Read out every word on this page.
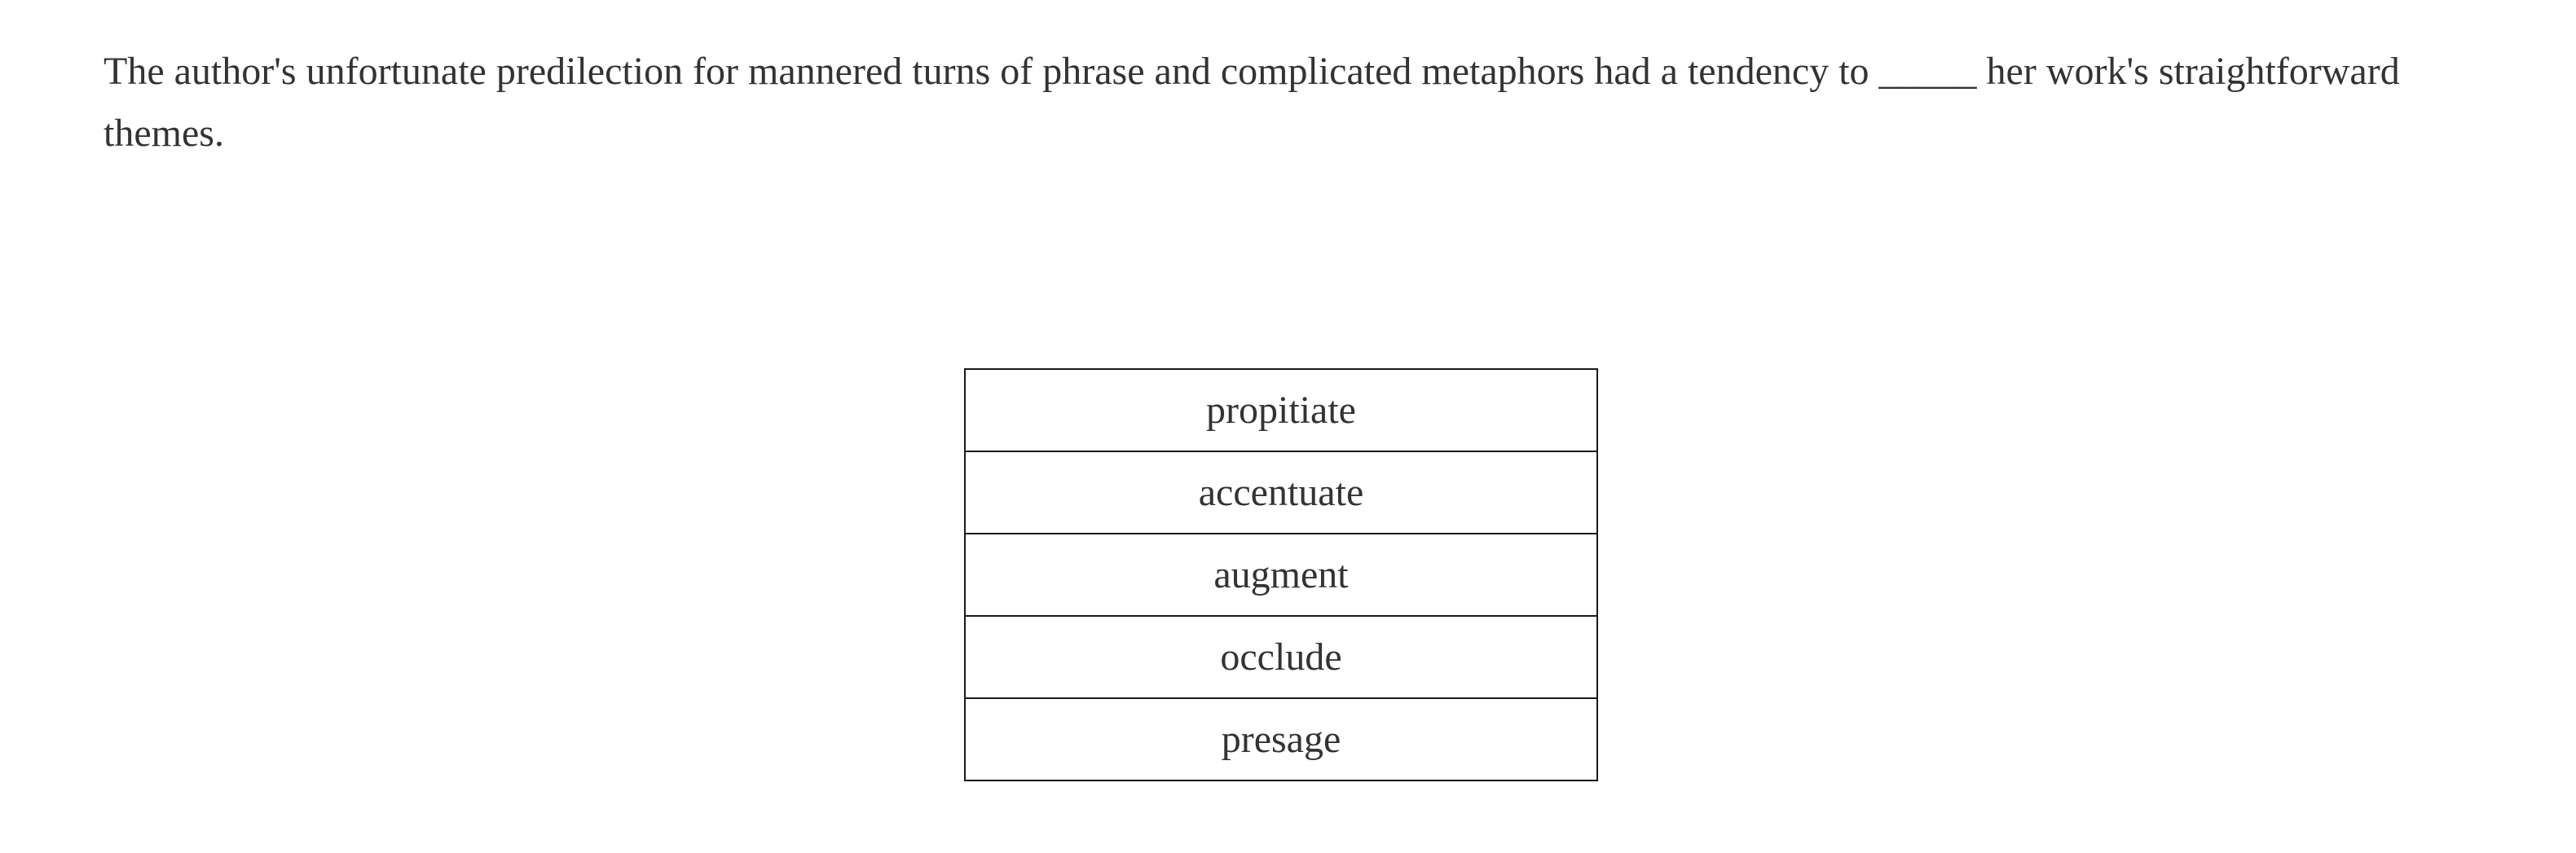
The author's unfortunate predilection for mannered turns of phrase and complicated metaphors had a tendency to _____ her work's straightforward themes.

propitiate
accentuate
augment
occlude
presage
